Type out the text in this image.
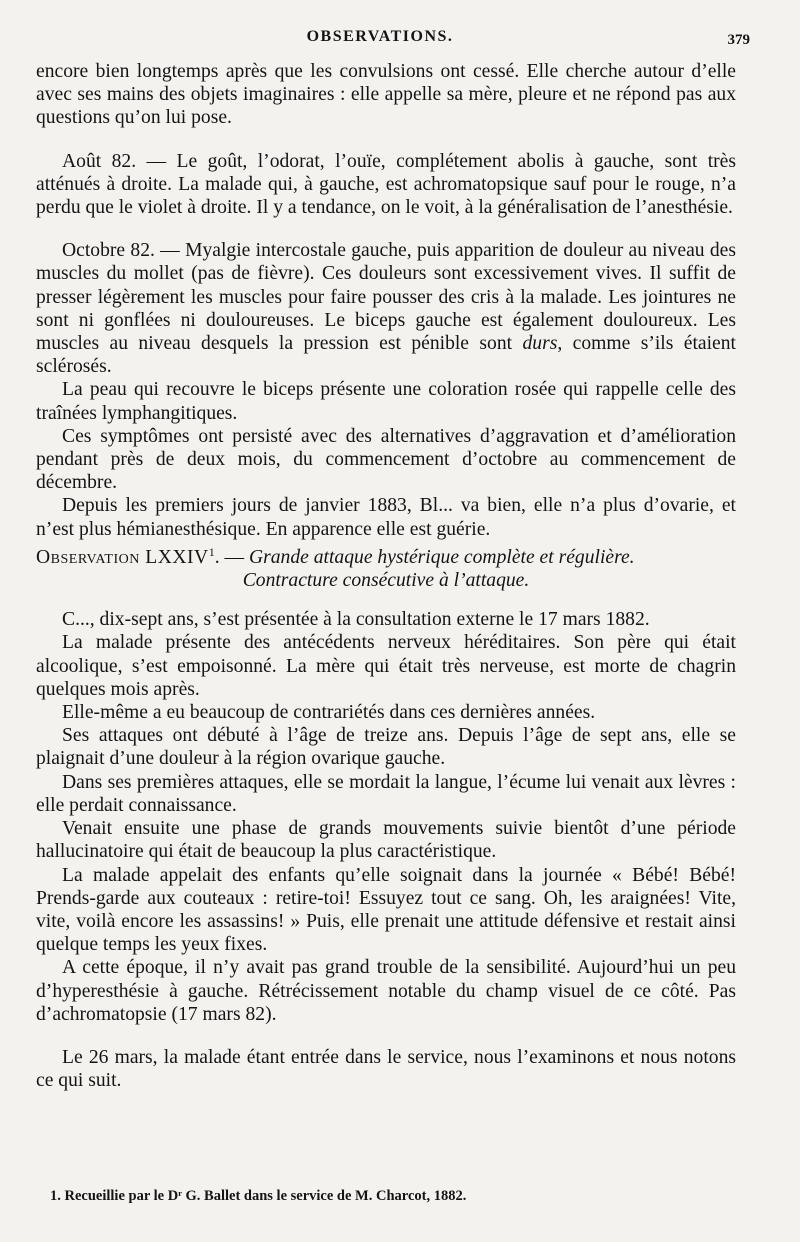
OBSERVATIONS.	379

encore bien longtemps après que les convulsions ont cessé. Elle cherche autour d’elle avec ses mains des objets imaginaires : elle appelle sa mère, pleure et ne répond pas aux questions qu’on lui pose.

Août 82. — Le goût, l’odorat, l’ouïe, complétement abolis à gauche, sont très atténués à droite. La malade qui, à gauche, est achromatopsique sauf pour le rouge, n’a perdu que le violet à droite. Il y a tendance, on le voit, à la généralisation de l’anesthésie.

Octobre 82. — Myalgie intercostale gauche, puis apparition de douleur au niveau des muscles du mollet (pas de fièvre). Ces douleurs sont excessivement vives. Il suffit de presser légèrement les muscles pour faire pousser des cris à la malade. Les jointures ne sont ni gonflées ni douloureuses. Le biceps gauche est également douloureux. Les muscles au niveau desquels la pression est pénible sont durs, comme s’ils étaient sclérosés.

La peau qui recouvre le biceps présente une coloration rosée qui rappelle celle des traînées lymphangitiques.

Ces symptômes ont persisté avec des alternatives d’aggravation et d’amélioration pendant près de deux mois, du commencement d’octobre au commencement de décembre.

Depuis les premiers jours de janvier 1883, Bl... va bien, elle n’a plus d’ovarie, et n’est plus hémianesthésique. En apparence elle est guérie.

Observation LXXIV$^1$. — Grande attaque hystérique complète et régulière.

Contracture consécutive à l’attaque.

C..., dix-sept ans, s’est présentée à la consultation externe le 17 mars 1882.

La malade présente des antécédents nerveux héréditaires. Son père qui était alcoolique, s’est empoisonné. La mère qui était très nerveuse, est morte de chagrin quelques mois après.

Elle-même a eu beaucoup de contrariétés dans ces dernières années.

Ses attaques ont débuté à l’âge de treize ans. Depuis l’âge de sept ans, elle se plaignait d’une douleur à la région ovarique gauche.

Dans ses premières attaques, elle se mordait la langue, l’écume lui venait aux lèvres : elle perdait connaissance.

Venait ensuite une phase de grands mouvements suivie bientôt d’une période hallucinatoire qui était de beaucoup la plus caractéristique.

La malade appelait des enfants qu’elle soignait dans la journée « Bébé! Bébé! Prends-garde aux couteaux : retire-toi! Essuyez tout ce sang. Oh, les araignées! Vite, vite, voilà encore les assassins! » Puis, elle prenait une attitude défensive et restait ainsi quelque temps les yeux fixes.

A cette époque, il n’y avait pas grand trouble de la sensibilité. Aujourd’hui un peu d’hyperesthésie à gauche. Rétrécissement notable du champ visuel de ce côté. Pas d’achromatopsie (17 mars 82).

Le 26 mars, la malade étant entrée dans le service, nous l’examinons et nous notons ce qui suit.

1. Recueillie par le Dʳ G. Ballet dans le service de M. Charcot, 1882.
